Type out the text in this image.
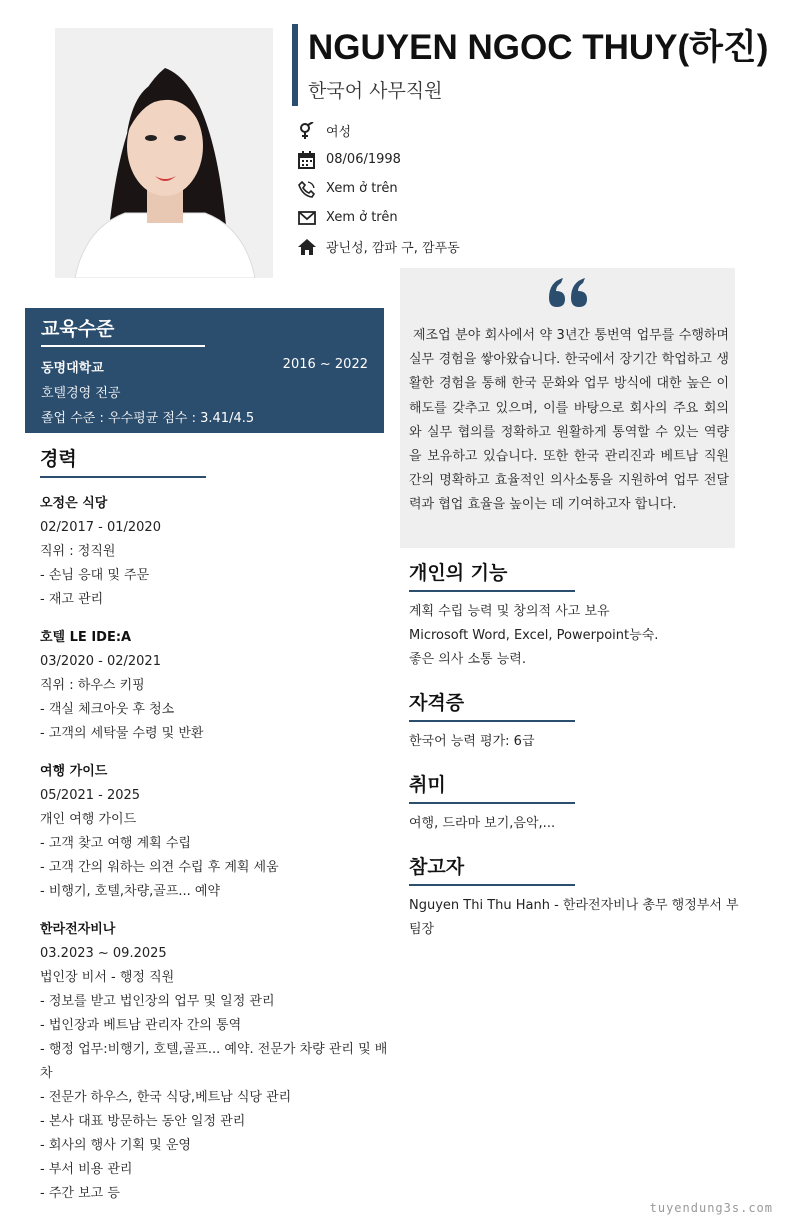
NGUYEN NGOC THUY(하진)
한국어 사무직원
여성
08/06/1998
Xem ở trên
Xem ở trên
광닌성, 깜파 구, 깜푸동
제조업 분야 회사에서 약 3년간 통번역 업무를 수행하며 실무 경험을 쌓아왔습니다. 한국에서 장기간 학업하고 생활한 경험을 통해 한국 문화와 업무 방식에 대한 높은 이해도를 갖추고 있으며, 이를 바탕으로 회사의 주요 회의와 실무 협의를 정확하고 원활하게 통역할 수 있는 역량을 보유하고 있습니다. 또한 한국 관리진과 베트남 직원 간의 명확하고 효율적인 의사소통을 지원하여 업무 전달력과 협업 효율을 높이는 데 기여하고자 합니다.
교육수준
동명대학교	2016 ~ 2022
호텔경영 전공
졸업 수준 : 우수평균 점수 : 3.41/4.5
경력
오정은 식당
02/2017 - 01/2020
직위 : 정직원
- 손님 응대 및 주문
- 재고 관리
호텔 LE IDE:A
03/2020 - 02/2021
직위 : 하우스 키핑
- 객실 체크아웃 후 청소
- 고객의 세탁물 수령 및 반환
여행 가이드
05/2021 - 2025
개인 여행 가이드
- 고객 찾고 여행 계획 수립
- 고객 간의 워하는 의견 수립 후 계획 세움
- 비행기, 호텔,차량,골프... 예약
한라전자비나
03.2023 ~ 09.2025
법인장 비서 - 행정 직원
- 정보를 받고 법인장의 업무 및 일정 관리
- 법인장과 베트남 관리자 간의 통역
- 행정 업무:비행기, 호텔,골프... 예약. 전문가 차량 관리 및 배차
- 전문가 하우스, 한국 식당,베트남 식당 관리
- 본사 대표 방문하는 동안 일정 관리
- 회사의 행사 기획 및 운영
- 부서 비용 관리
- 주간 보고 등
개인의 기능
계획 수립 능력 및 창의적 사고 보유
Microsoft Word, Excel, Powerpoint능숙.
좋은 의사 소통 능력.
자격증
한국어 능력 평가: 6급
취미
여행, 드라마 보기,음악,...
참고자
Nguyen Thi Thu Hanh - 한라전자비나 총무 행정부서 부팀장
tuyendung3s.com
